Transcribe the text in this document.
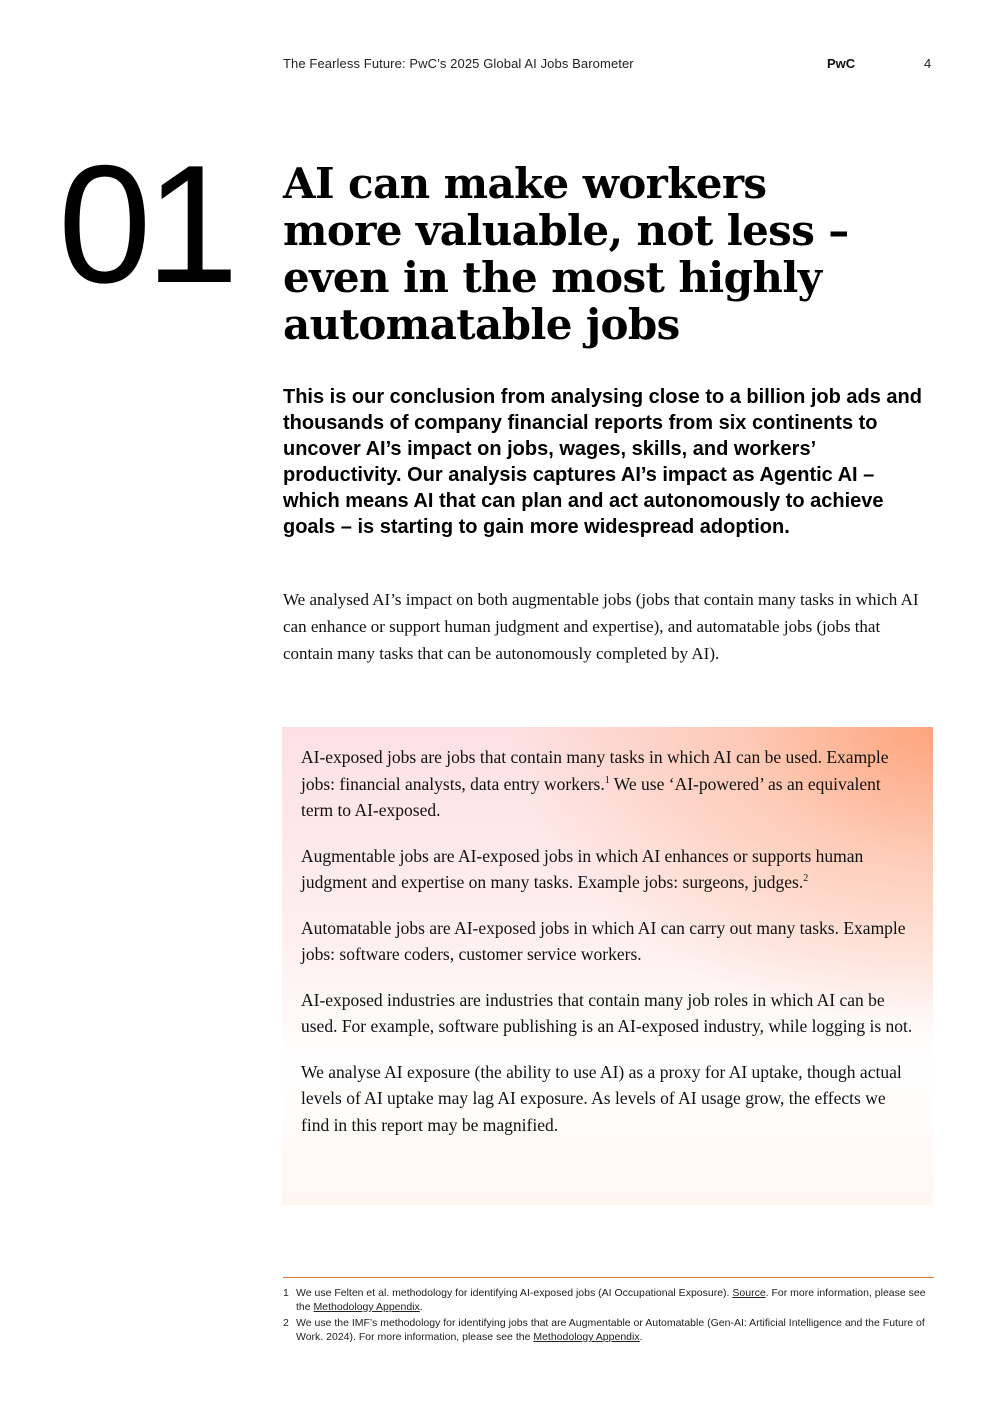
The Fearless Future: PwC’s 2025 Global AI Jobs Barometer	PwC	4
01 AI can make workers more valuable, not less – even in the most highly automatable jobs

This is our conclusion from analysing close to a billion job ads and thousands of company financial reports from six continents to uncover AI’s impact on jobs, wages, skills, and workers’ productivity. Our analysis captures AI’s impact as Agentic AI – which means AI that can plan and act autonomously to achieve goals – is starting to gain more widespread adoption.

We analysed AI’s impact on both augmentable jobs (jobs that contain many tasks in which AI can enhance or support human judgment and expertise), and automatable jobs (jobs that contain many tasks that can be autonomously completed by AI).

AI-exposed jobs are jobs that contain many tasks in which AI can be used. Example jobs: financial analysts, data entry workers.$^1$ We use ‘AI-powered’ as an equivalent term to AI-exposed.

Augmentable jobs are AI-exposed jobs in which AI enhances or supports human judgment and expertise on many tasks. Example jobs: surgeons, judges.$^2$

Automatable jobs are AI-exposed jobs in which AI can carry out many tasks. Example jobs: software coders, customer service workers.

AI-exposed industries are industries that contain many job roles in which AI can be used. For example, software publishing is an AI-exposed industry, while logging is not.

We analyse AI exposure (the ability to use AI) as a proxy for AI uptake, though actual levels of AI uptake may lag AI exposure. As levels of AI usage grow, the effects we find in this report may be magnified.

1 We use Felten et al. methodology for identifying AI-exposed jobs (AI Occupational Exposure). Source. For more information, please see the Methodology Appendix.
2 We use the IMF’s methodology for identifying jobs that are Augmentable or Automatable (Gen-AI: Artificial Intelligence and the Future of Work. 2024). For more information, please see the Methodology Appendix.
